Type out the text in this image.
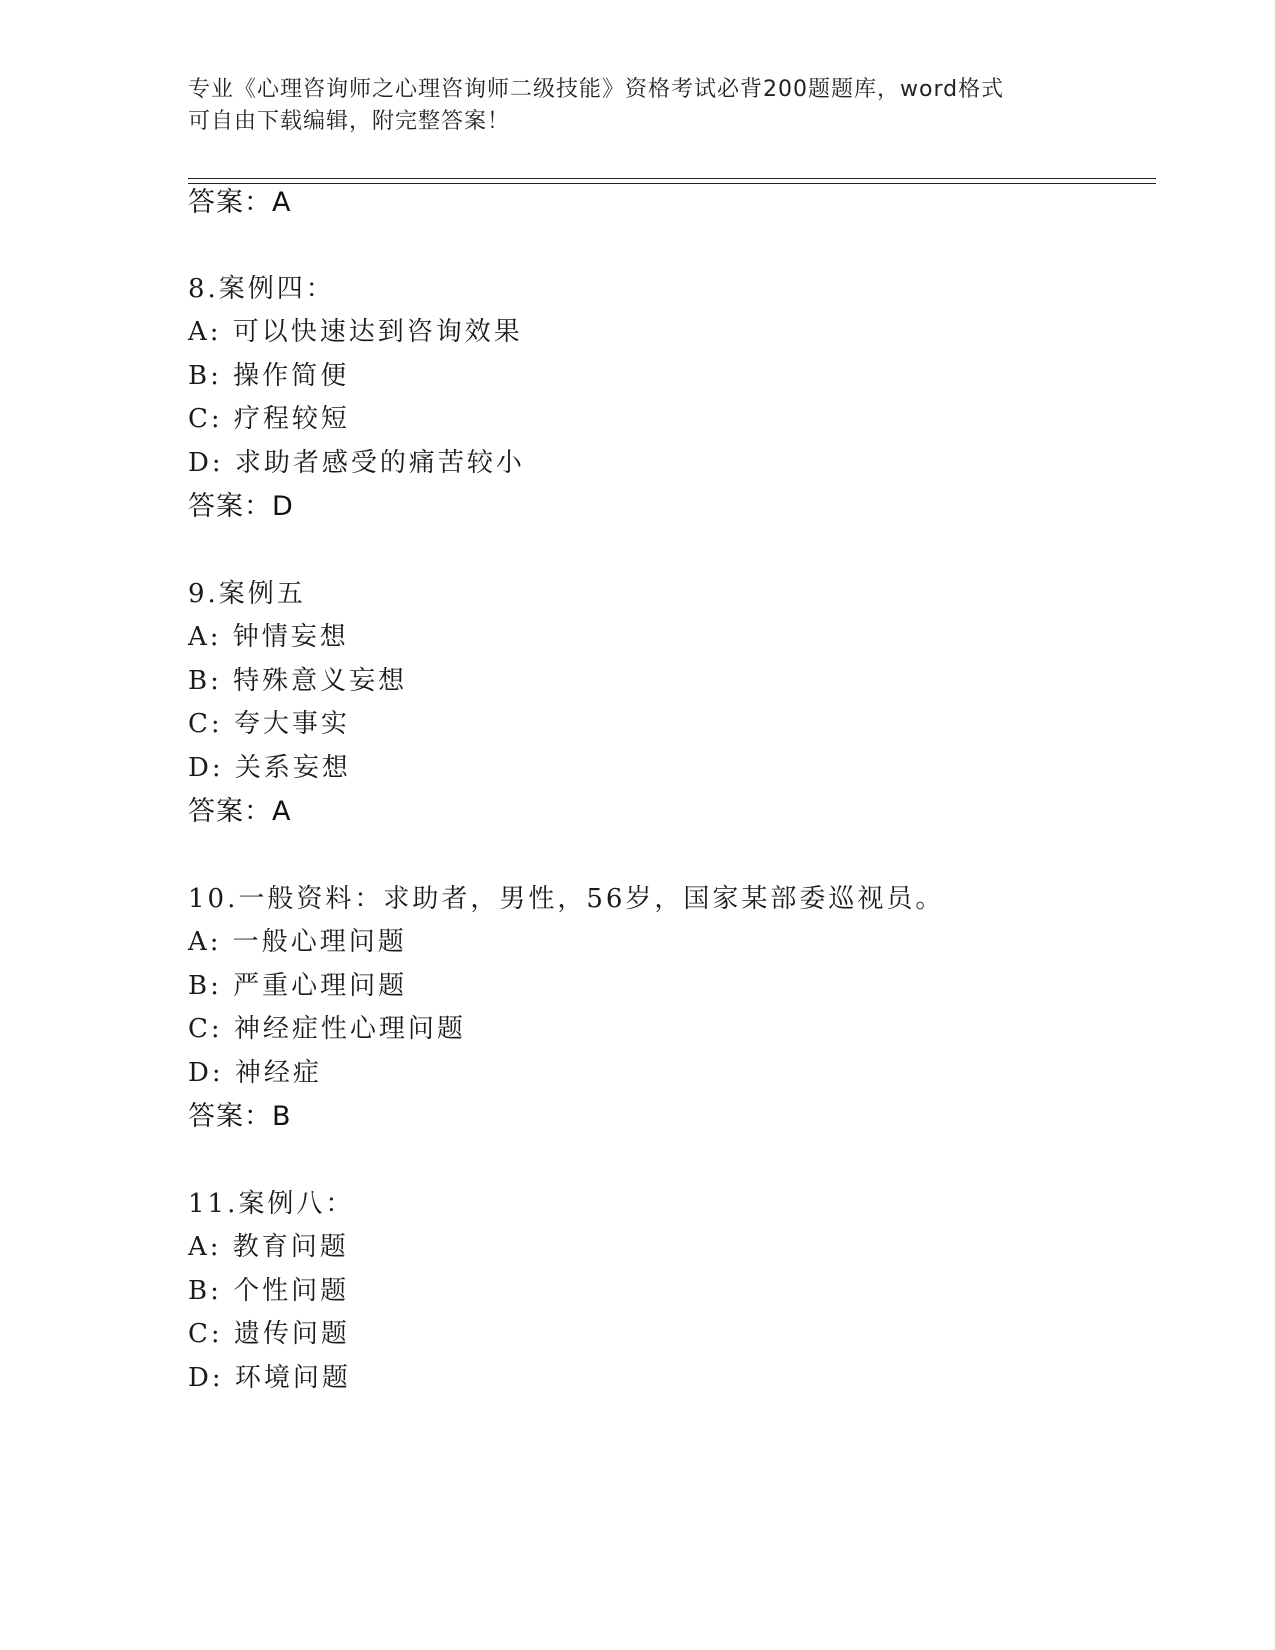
专业《心理咨询师之心理咨询师二级技能》资格考试必背200题题库，word格式
可自由下载编辑，附完整答案！
答案：A
8.案例四：
A: 可以快速达到咨询效果
B: 操作简便
C: 疗程较短
D: 求助者感受的痛苦较小
答案：D
9.案例五
A: 钟情妄想
B: 特殊意义妄想
C: 夸大事实
D: 关系妄想
答案：A
10.一般资料：求助者，男性，56岁，国家某部委巡视员。
A: 一般心理问题
B: 严重心理问题
C: 神经症性心理问题
D: 神经症
答案：B
11.案例八：
A: 教育问题
B: 个性问题
C: 遗传问题
D: 环境问题
